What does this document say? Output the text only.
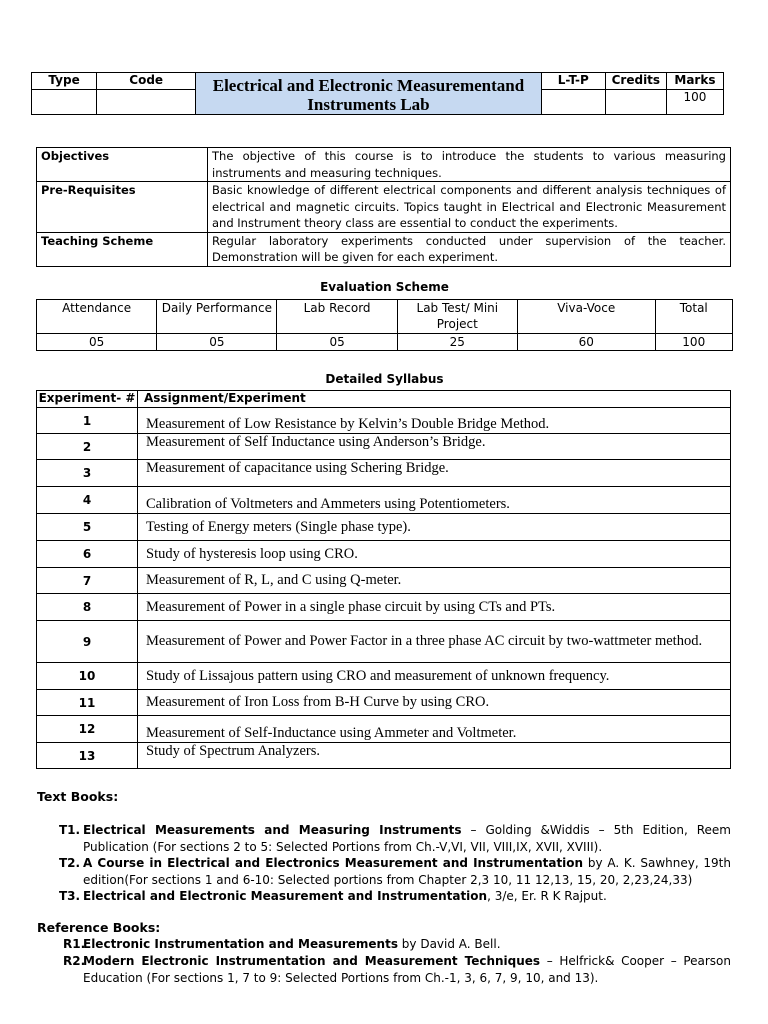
Type	Code	Electrical and Electronic Measurementand Instruments Lab	L-T-P	Credits	Marks
					100
Objectives	The objective of this course is to introduce the students to various measuring instruments and measuring techniques.
Pre-Requisites	Basic knowledge of different electrical components and different analysis techniques of electrical and magnetic circuits. Topics taught in Electrical and Electronic Measurement and Instrument theory class are essential to conduct the experiments.
Teaching Scheme	Regular laboratory experiments conducted under supervision of the teacher. Demonstration will be given for each experiment.
Evaluation Scheme
Attendance	Daily Performance	Lab Record	Lab Test/ Mini Project	Viva-Voce	Total
05	05	05	25	60	100
Detailed Syllabus
Experiment- #	Assignment/Experiment
1	Measurement of Low Resistance by Kelvin’s Double Bridge Method.
2	Measurement of Self Inductance using Anderson’s Bridge.
3	Measurement of capacitance using Schering Bridge.
4	Calibration of Voltmeters and Ammeters using Potentiometers.
5	Testing of Energy meters (Single phase type).
6	Study of hysteresis loop using CRO.
7	Measurement of R, L, and C using Q-meter.
8	Measurement of Power in a single phase circuit by using CTs and PTs.
9	Measurement of Power and Power Factor in a three phase AC circuit by two-wattmeter method.
10	Study of Lissajous pattern using CRO and measurement of unknown frequency.
11	Measurement of Iron Loss from B-H Curve by using CRO.
12	Measurement of Self-Inductance using Ammeter and Voltmeter.
13	Study of Spectrum Analyzers.
Text Books:
T1. Electrical Measurements and Measuring Instruments – Golding &Widdis – 5th Edition, Reem Publication (For sections 2 to 5: Selected Portions from Ch.-V,VI, VII, VIII,IX, XVII, XVIII).
T2. A Course in Electrical and Electronics Measurement and Instrumentation by A. K. Sawhney, 19th edition(For sections 1 and 6-10: Selected portions from Chapter 2,3 10, 11 12,13, 15, 20, 2,23,24,33)
T3. Electrical and Electronic Measurement and Instrumentation, 3/e, Er. R K Rajput.
Reference Books:
R1.
Electronic Instrumentation and Measurements by David A. Bell.
R2.
Modern Electronic Instrumentation and Measurement Techniques – Helfrick& Cooper – Pearson Education (For sections 1, 7 to 9: Selected Portions from Ch.-1, 3, 6, 7, 9, 10, and 13).
